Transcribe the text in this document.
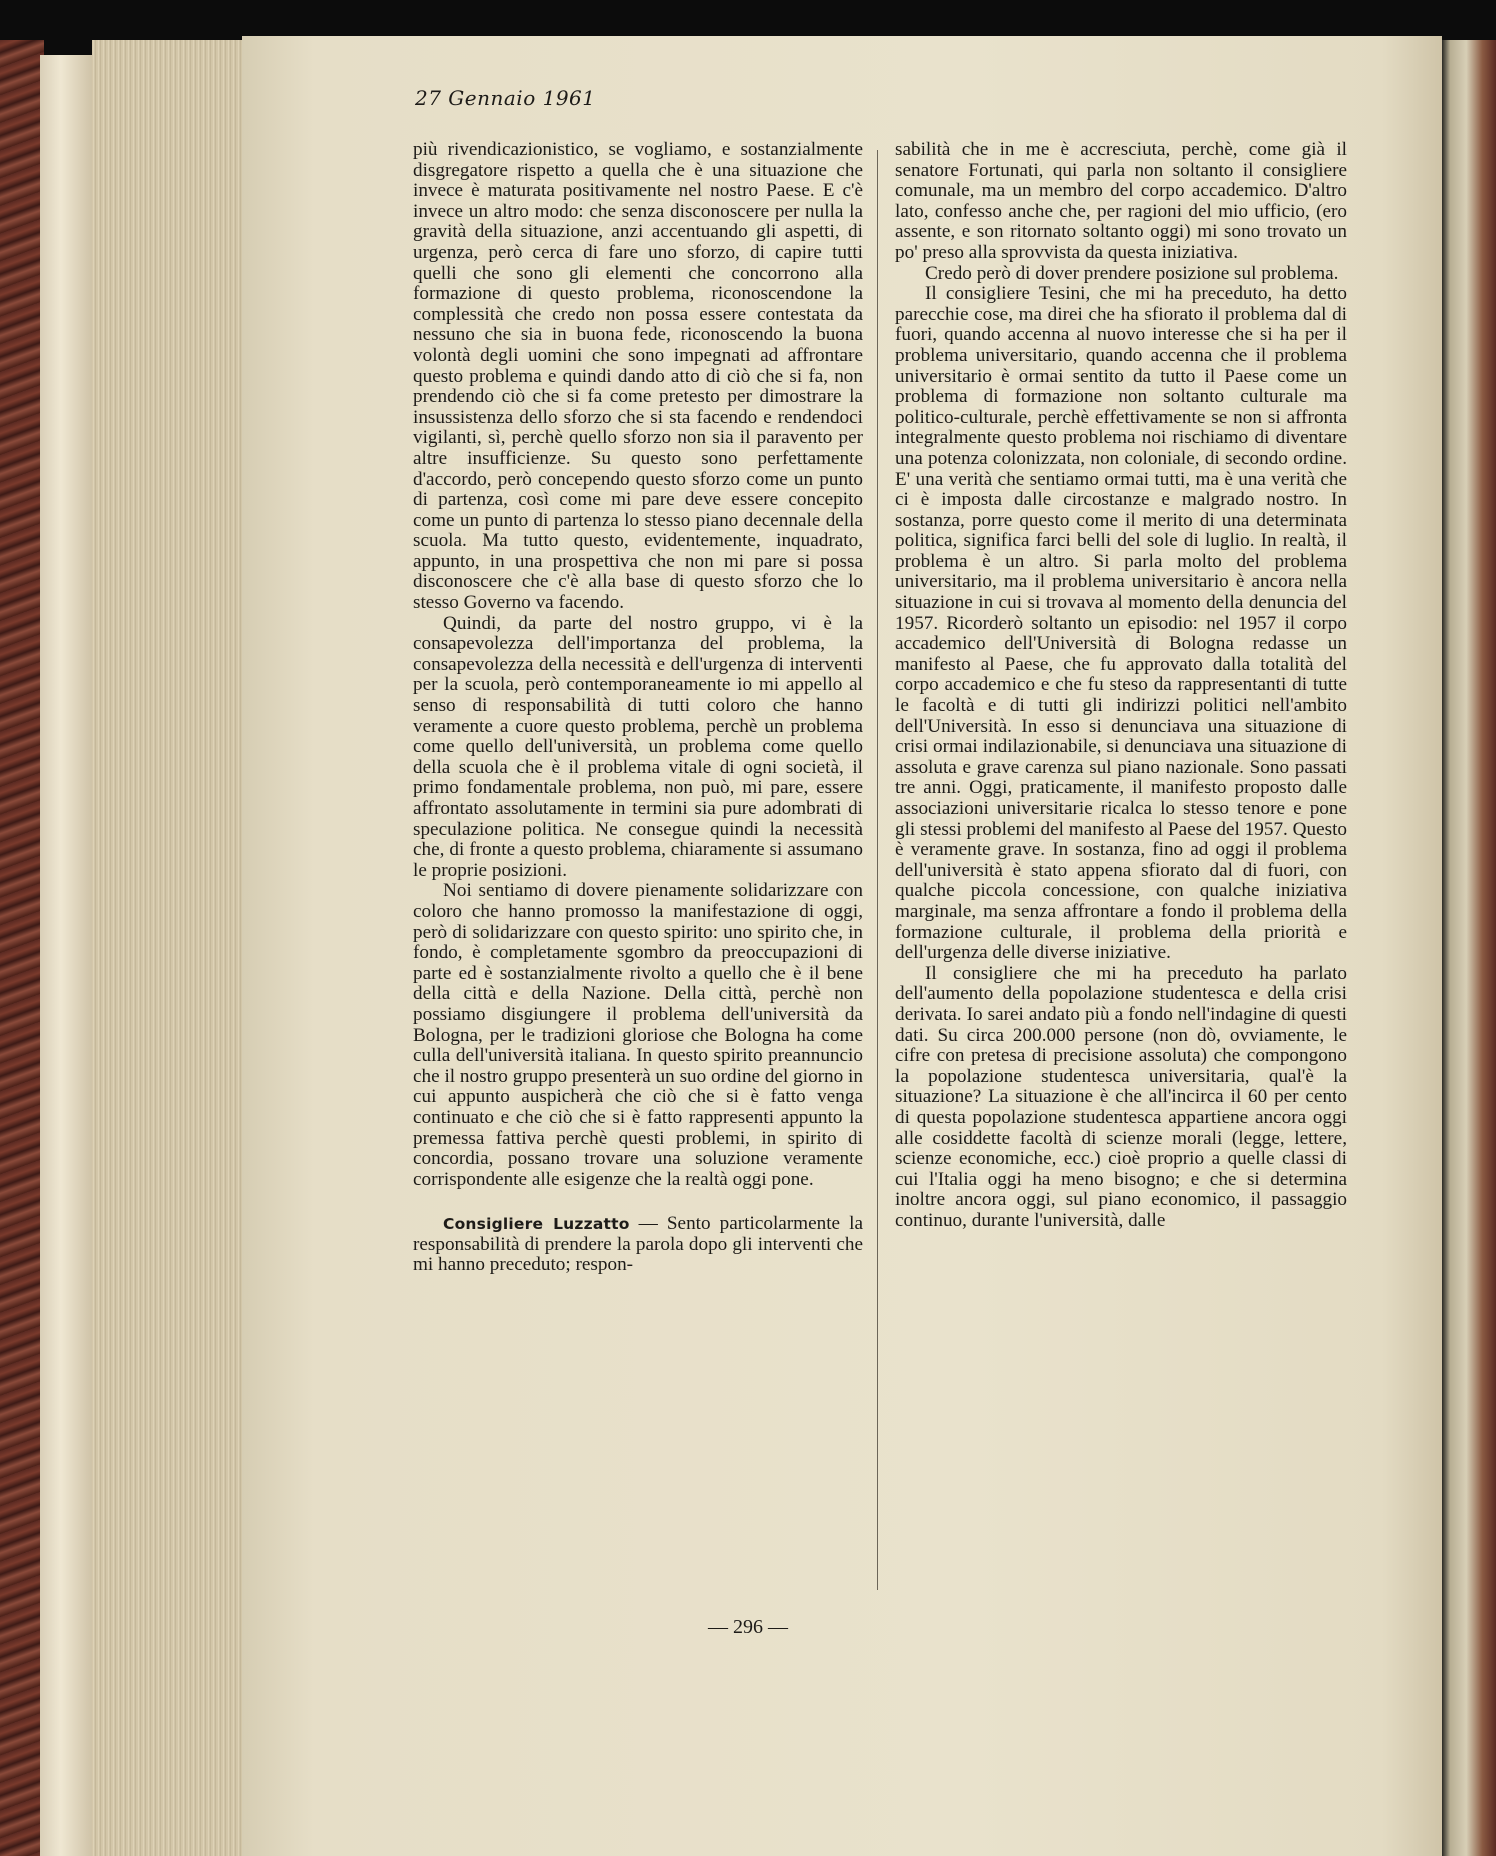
27 Gennaio 1961

più rivendicazionistico, se vogliamo, e sostanzialmente disgregatore rispetto a quella che è una situazione che invece è maturata positivamente nel nostro Paese. E c'è invece un altro modo: che senza disconoscere per nulla la gravità della situazione, anzi accentuando gli aspetti, di urgenza, però cerca di fare uno sforzo, di capire tutti quelli che sono gli elementi che concorrono alla formazione di questo problema, riconoscendone la complessità che credo non possa essere contestata da nessuno che sia in buona fede, riconoscendo la buona volontà degli uomini che sono impegnati ad affrontare questo problema e quindi dando atto di ciò che si fa, non prendendo ciò che si fa come pretesto per dimostrare la insussistenza dello sforzo che si sta facendo e rendendoci vigilanti, sì, perchè quello sforzo non sia il paravento per altre insufficienze. Su questo sono perfettamente d'accordo, però concependo questo sforzo come un punto di partenza, così come mi pare deve essere concepito come un punto di partenza lo stesso piano decennale della scuola. Ma tutto questo, evidentemente, inquadrato, appunto, in una prospettiva che non mi pare si possa disconoscere che c'è alla base di questo sforzo che lo stesso Governo va facendo.

Quindi, da parte del nostro gruppo, vi è la consapevolezza dell'importanza del problema, la consapevolezza della necessità e dell'urgenza di interventi per la scuola, però contemporaneamente io mi appello al senso di responsabilità di tutti coloro che hanno veramente a cuore questo problema, perchè un problema come quello dell'università, un problema come quello della scuola che è il problema vitale di ogni società, il primo fondamentale problema, non può, mi pare, essere affrontato assolutamente in termini sia pure adombrati di speculazione politica. Ne consegue quindi la necessità che, di fronte a questo problema, chiaramente si assumano le proprie posizioni.

Noi sentiamo di dovere pienamente solidarizzare con coloro che hanno promosso la manifestazione di oggi, però di solidarizzare con questo spirito: uno spirito che, in fondo, è completamente sgombro da preoccupazioni di parte ed è sostanzialmente rivolto a quello che è il bene della città e della Nazione. Della città, perchè non possiamo disgiungere il problema dell'università da Bologna, per le tradizioni gloriose che Bologna ha come culla dell'università italiana. In questo spirito preannuncio che il nostro gruppo presenterà un suo ordine del giorno in cui appunto auspicherà che ciò che si è fatto venga continuato e che ciò che si è fatto rappresenti appunto la premessa fattiva perchè questi problemi, in spirito di concordia, possano trovare una soluzione veramente corrispondente alle esigenze che la realtà oggi pone.

Consigliere Luzzatto — Sento particolarmente la responsabilità di prendere la parola dopo gli interventi che mi hanno preceduto; respon-

sabilità che in me è accresciuta, perchè, come già il senatore Fortunati, qui parla non soltanto il consigliere comunale, ma un membro del corpo accademico. D'altro lato, confesso anche che, per ragioni del mio ufficio, (ero assente, e son ritornato soltanto oggi) mi sono trovato un po' preso alla sprovvista da questa iniziativa.

Credo però di dover prendere posizione sul problema.

Il consigliere Tesini, che mi ha preceduto, ha detto parecchie cose, ma direi che ha sfiorato il problema dal di fuori, quando accenna al nuovo interesse che si ha per il problema universitario, quando accenna che il problema universitario è ormai sentito da tutto il Paese come un problema di formazione non soltanto culturale ma politico-culturale, perchè effettivamente se non si affronta integralmente questo problema noi rischiamo di diventare una potenza colonizzata, non coloniale, di secondo ordine. E' una verità che sentiamo ormai tutti, ma è una verità che ci è imposta dalle circostanze e malgrado nostro. In sostanza, porre questo come il merito di una determinata politica, significa farci belli del sole di luglio. In realtà, il problema è un altro. Si parla molto del problema universitario, ma il problema universitario è ancora nella situazione in cui si trovava al momento della denuncia del 1957. Ricorderò soltanto un episodio: nel 1957 il corpo accademico dell'Università di Bologna redasse un manifesto al Paese, che fu approvato dalla totalità del corpo accademico e che fu steso da rappresentanti di tutte le facoltà e di tutti gli indirizzi politici nell'ambito dell'Università. In esso si denunciava una situazione di crisi ormai indilazionabile, si denunciava una situazione di assoluta e grave carenza sul piano nazionale. Sono passati tre anni. Oggi, praticamente, il manifesto proposto dalle associazioni universitarie ricalca lo stesso tenore e pone gli stessi problemi del manifesto al Paese del 1957. Questo è veramente grave. In sostanza, fino ad oggi il problema dell'università è stato appena sfiorato dal di fuori, con qualche piccola concessione, con qualche iniziativa marginale, ma senza affrontare a fondo il problema della formazione culturale, il problema della priorità e dell'urgenza delle diverse iniziative.

Il consigliere che mi ha preceduto ha parlato dell'aumento della popolazione studentesca e della crisi derivata. Io sarei andato più a fondo nell'indagine di questi dati. Su circa 200.000 persone (non dò, ovviamente, le cifre con pretesa di precisione assoluta) che compongono la popolazione studentesca universitaria, qual'è la situazione? La situazione è che all'incirca il 60 per cento di questa popolazione studentesca appartiene ancora oggi alle cosiddette facoltà di scienze morali (legge, lettere, scienze economiche, ecc.) cioè proprio a quelle classi di cui l'Italia oggi ha meno bisogno; e che si determina inoltre ancora oggi, sul piano economico, il passaggio continuo, durante l'università, dalle

— 296 —
